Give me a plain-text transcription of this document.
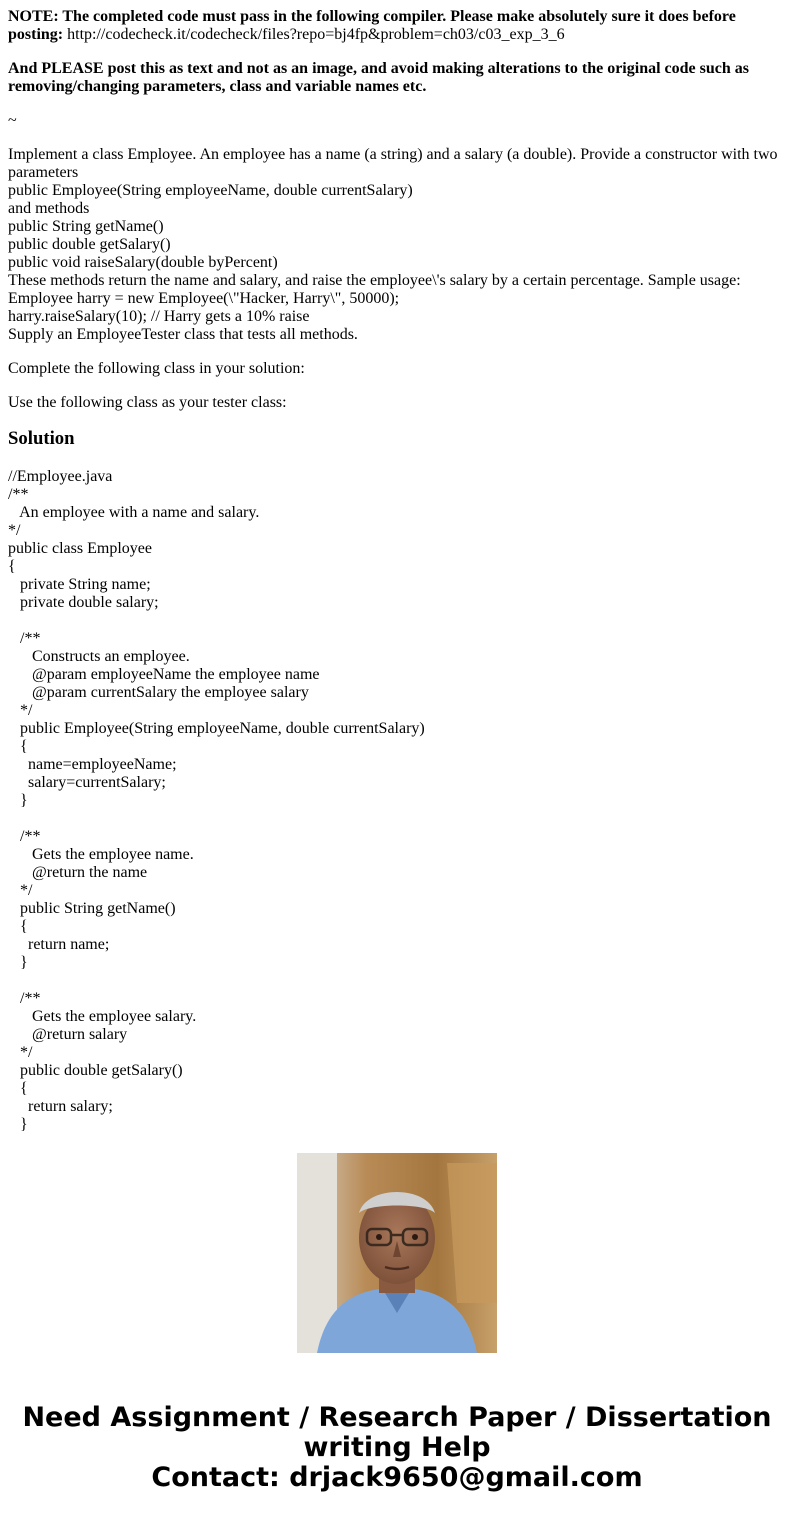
NOTE: The completed code must pass in the following compiler. Please make absolutely sure it does before posting: http://codecheck.it/codecheck/files?repo=bj4fp&problem=ch03/c03_exp_3_6

And PLEASE post this as text and not as an image, and avoid making alterations to the original code such as removing/changing parameters, class and variable names etc.

~

Implement a class Employee. An employee has a name (a string) and a salary (a double). Provide a constructor with two parameters
public Employee(String employeeName, double currentSalary)
and methods
public String getName()
public double getSalary()
public void raiseSalary(double byPercent)
These methods return the name and salary, and raise the employee\'s salary by a certain percentage. Sample usage:
Employee harry = new Employee(\"Hacker, Harry\", 50000);
harry.raiseSalary(10); // Harry gets a 10% raise
Supply an EmployeeTester class that tests all methods.

Complete the following class in your solution:

Use the following class as your tester class:

Solution
//Employee.java
/**
An employee with a name and salary.
*/
public class Employee
{
private String name;
private double salary;

/**
Constructs an employee.
@param employeeName the employee name
@param currentSalary the employee salary
*/
public Employee(String employeeName, double currentSalary)
{
name=employeeName;
salary=currentSalary;
}

/**
Gets the employee name.
@return the name
*/
public String getName()
{
return name;
}

/**
Gets the employee salary.
@return salary
*/
public double getSalary()
{
return salary;
}
Need Assignment / Research Paper / Dissertation
writing Help
Contact: drjack9650@gmail.com
